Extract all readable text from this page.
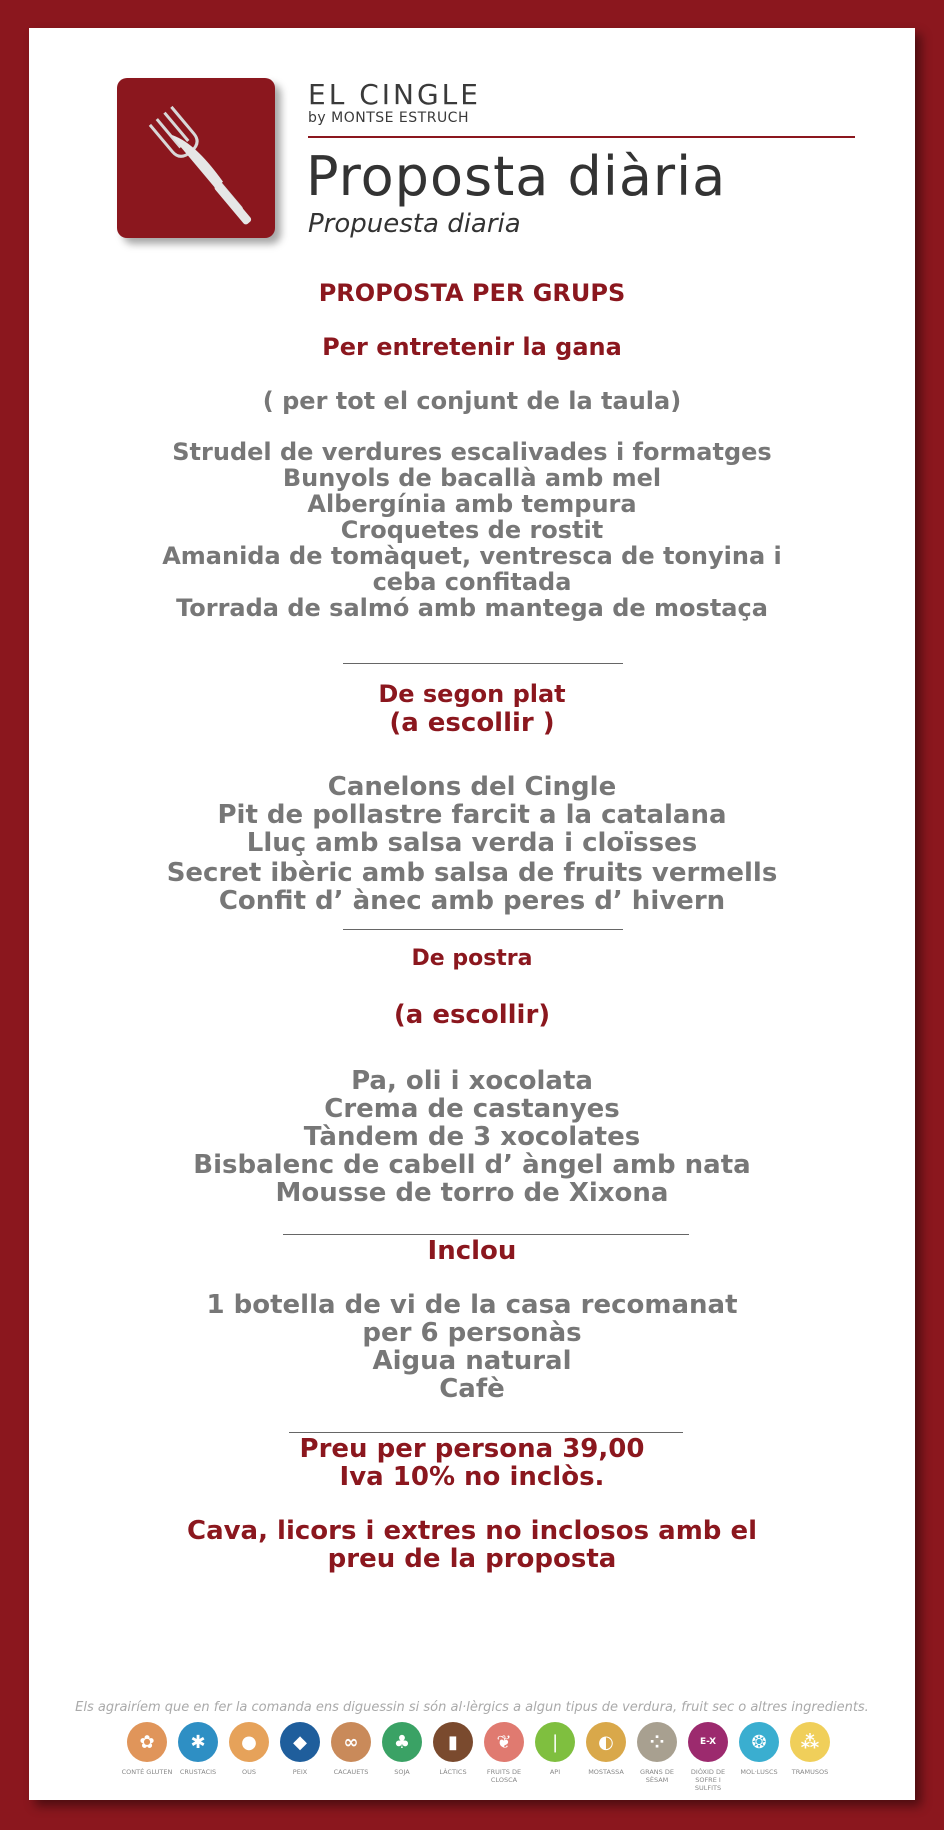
EL CINGLE
by MONTSE ESTRUCH
Proposta diària
Propuesta diaria
PROPOSTA PER GRUPS
Per entretenir la gana
( per tot el conjunt de la taula)
Strudel de verdures escalivades i formatges
Bunyols de bacallà amb mel
Albergínia amb tempura
Croquetes de rostit
Amanida de tomàquet, ventresca de tonyina i
ceba confitada
Torrada de salmó amb mantega de mostaça
De segon plat
(a escollir )
Canelons del Cingle
Pit de pollastre farcit a la catalana
Lluç amb salsa verda i cloïsses
Secret ibèric amb salsa de fruits vermells
Confit d’ ànec amb peres d’ hivern
De postra
(a escollir)
Pa, oli i xocolata
Crema de castanyes
Tàndem de 3 xocolates
Bisbalenc de cabell d’ àngel amb nata
Mousse de torro de Xixona
Inclou
1 botella de vi de la casa recomanat
per 6 personàs
Aigua natural
Cafè
Preu per persona 39,00
Iva 10% no inclòs.
Cava, licors i extres no inclosos amb el
preu de la proposta
Els agrairíem que en fer la comanda ens diguessin si són al·lèrgics a algun tipus de verdura, fruit sec o altres ingredients.
✿
CONTÉ GLUTEN
✱
CRUSTACIS
●
OUS
◆
PEIX
∞
CACAUETS
♣
SOJA
▮
LÀCTICS
❦
FRUITS DE CLOSCA
❘
API
◐
MOSTASSA
⁘
GRANS DE SÈSAM
E-X
DIÒXID DE SOFRE I SULFITS
❂
MOL·LUSCS
⁂
TRAMUSOS
